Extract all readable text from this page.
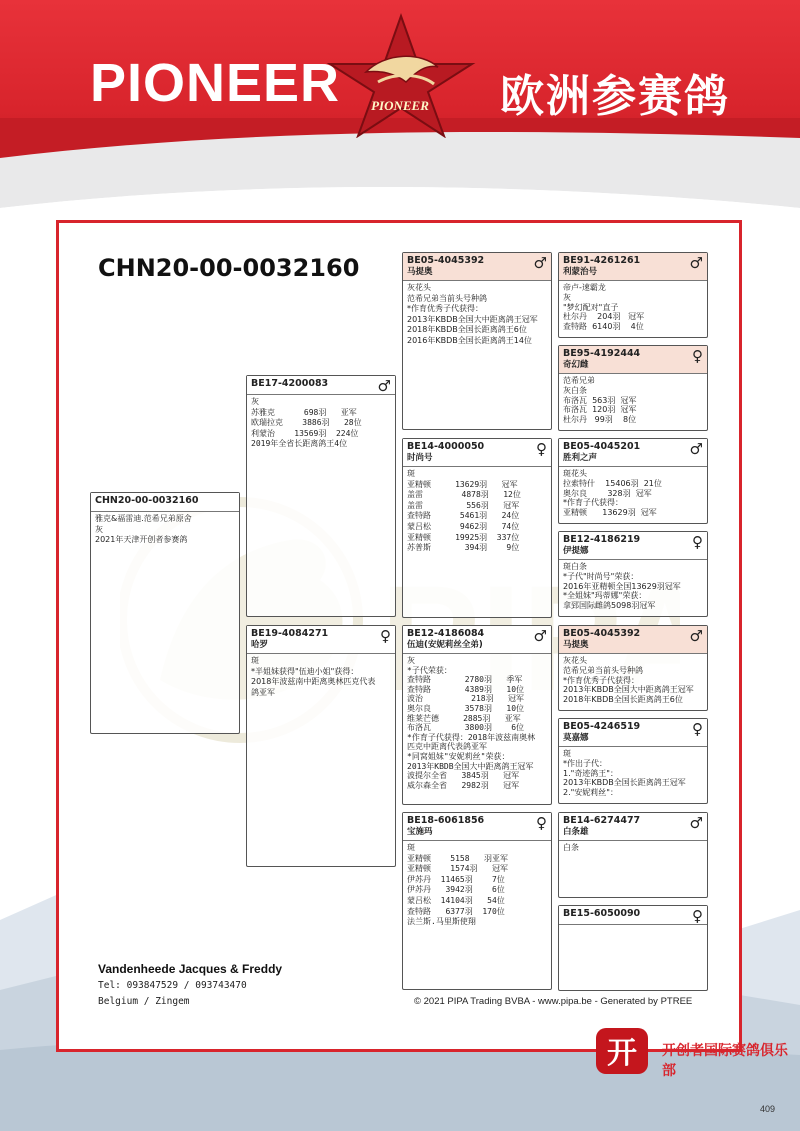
PIONEER	PIONEER 欧洲参赛鸽
CHN20-00-0032160
CHN20-00-0032160
雅克&福雷迪.范希兄弟原舍
灰
2021年天津开创者参赛鸽
BE17-4200083	♂
灰
苏雅克      698羽   亚军
欧瑞拉克    3886羽   28位
利蒙治    13569羽  224位
2019年全省长距离鸽王4位
BE19-4084271
哈罗	♀
斑
*半姐妹获得"伍迪小姐"获得：
2018年波兹南中距离奥林匹克代表
鸽亚军
BE05-4045392
马提奥	♂
灰花头
范希兄弟当前头号种鸽
*作育优秀子代获得：
2013年KBDB全国大中距离鸽王冠军
2018年KBDB全国长距离鸽王6位
2016年KBDB全国长距离鸽王14位
BE14-4000050
时尚号	♀
斑
亚精顿     13629羽   冠军
盖雷        4878羽   12位
盖雷         556羽   冠军
查特路      5461羽   24位
蒙吕松      9462羽   74位
亚精顿     19925羽  337位
苏普斯       394羽    9位
BE12-4186084
伍迪(安妮莉丝全弟)	♂
灰
*子代荣获：
查特路       2780羽   季军
查特路       4389羽   10位
波治          218羽   冠军
奥尔良       3578羽   10位
维莱芒德     2885羽   亚军
布洛瓦       3800羽    6位
*作育子代获得：2018年波兹南奥林
匹克中距离代表鸽亚军
*同窝姐妹"安妮莉丝"荣获：
2013年KBDB全国大中距离鸽王冠军
波提尔全省   3845羽   冠军
威尔森全省   2982羽   冠军
BE18-6061856
宝施玛	♀
斑
亚精顿    5158   羽亚军
亚精顿    1574羽   冠军
伊苏丹  11465羽    7位
伊苏丹   3942羽    6位
蒙吕松  14104羽   54位
查特路   6377羽  170位
法兰斯.马里斯使翔
BE91-4261261
利蒙治号	♂
帝卢-速霸龙
灰
"梦幻配对"直子
杜尔丹    204羽   冠军
查特路  6140羽    4位
BE95-4192444
奇幻雌	♀
范希兄弟
灰白条
布洛瓦  563羽  冠军
布洛瓦  120羽  冠军
杜尔丹   99羽    8位
BE05-4045201
胜利之声	♂
斑花头
拉索特什    15406羽  21位
奥尔良        328羽  冠军
*作育子代获得：
亚精顿      13629羽  冠军
BE12-4186219
伊提娜	♀
斑白条
*子代"时尚号"荣获：
2016年亚精顿全国13629羽冠军
*全姐妹"玛蒂娜"荣获：
拿郅国际雌鸽5098羽冠军
BE05-4045392
马提奥	♂
灰花头
范希兄弟当前头号种鸽
*作育优秀子代获得：
2013年KBDB全国大中距离鸽王冠军
2018年KBDB全国长距离鸽王6位
BE05-4246519
莫嘉娜	♀
斑
*作出子代：
1."奇迹鸽王"：
2013年KBDB全国长距离鸽王冠军
2."安妮莉丝"：
BE14-6274477
白条雄	♂
白条
BE15-6050090	♀
Vandenheede Jacques & Freddy
Tel: 093847529 / 093743470
Belgium / Zingem	© 2021 PIPA Trading BVBA - www.pipa.be - Generated by PTREE
开 开创者国际赛鸽俱乐部
409
